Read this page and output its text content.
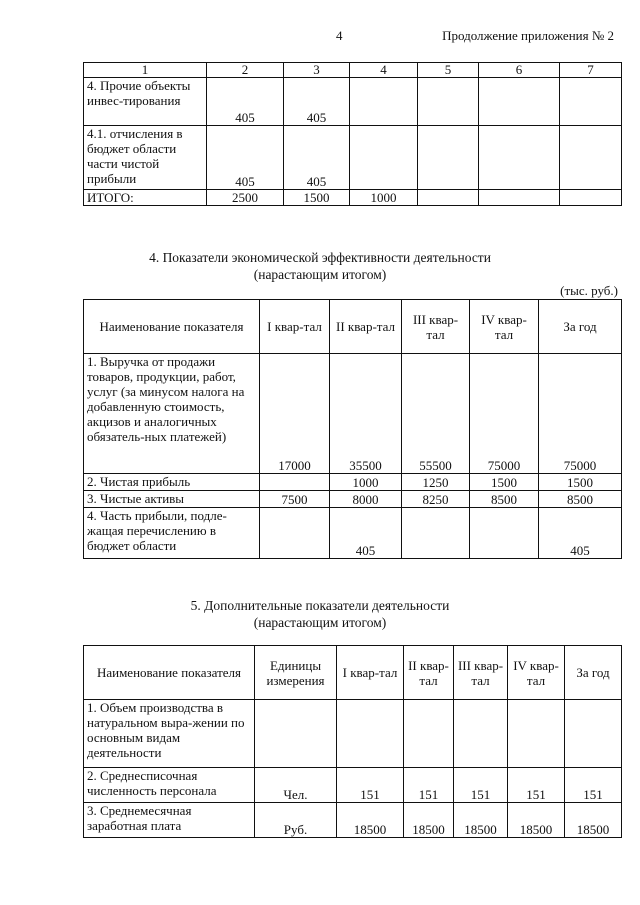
4	Продолжение приложения № 2
1	2	3	4	5	6	7
4. Прочие объекты инвес-тирования	405	405				
4.1. отчисления в бюджет области части чистой прибыли	405	405				
ИТОГО:	2500	1500	1000			
4. Показатели экономической эффективности деятельности
(нарастающим итогом)
(тыс. руб.)
Наименование показателя	I квар-тал	II квар-тал	III квар-тал	IV квар-тал	За год
1. Выручка от продажи товаров, продукции, работ, услуг (за минусом налога на добавленную стоимость, акцизов и аналогичных обязатель-ных платежей)	17000	35500	55500	75000	75000
2. Чистая прибыль		1000	1250	1500	1500
3. Чистые активы	7500	8000	8250	8500	8500
4. Часть прибыли, подле-жащая перечислению в бюджет области		405			405
5. Дополнительные показатели деятельности
(нарастающим итогом)
Наименование показателя	Единицы измерения	I квар-тал	II квар-тал	III квар-тал	IV квар-тал	За год
1. Объем производства в натуральном выра-жении по основным видам деятельности						
2. Среднесписочная численность персонала	Чел.	151	151	151	151	151
3. Среднемесячная заработная плата	Руб.	18500	18500	18500	18500	18500
